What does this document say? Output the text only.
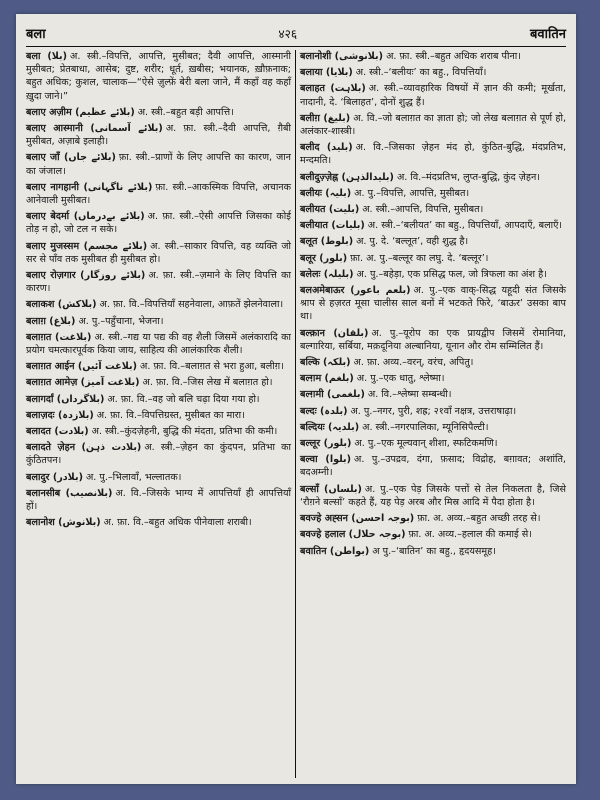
बला	४२६	बवातिन

बला (بلا) अ. स्त्री.–विपत्ति, आपत्ति, मुसीबत; दैवी आपत्ति, आस्मानी मुसीबत; प्रेतबाधा, आसेब; दुष्ट, शरीर; धूर्त, ख़बीस; भयानक, ख़ौफ़नाक; बहुत अधिक; कुशल, चालाक—“ऐसे ज़ुल्फ़ें बेरी बला जाने, मैं कहाँ वह कहाँ ख़ुदा जाने।”

बलाए अज़ीम (بلائے عظیم) अ. स्त्री.–बहुत बड़ी आपत्ति।

बलाए आस्मानी (بلائے آسمانی) अ. फ़ा. स्त्री.–दैवी आपत्ति, ग़ैबी मुसीबत, अज़ाबे इलाही।

बलाए जाँ (بلائے جاں) फ़ा. स्त्री.–प्राणों के लिए आपत्ति का कारण, जान का जंजाल।

बलाए नागहानी (بلائے ناگہانی) फ़ा. स्त्री.–आकस्मिक विपत्ति, अचानक आनेवाली मुसीबत।

बलाए बेदर्मा (بلائے بےدرماں) अ. फ़ा. स्त्री.–ऐसी आपत्ति जिसका कोई तोड़ न हो, जो टल न सके।

बलाए मुजस्सम (بلائے مجسم) अ. स्त्री.–साकार विपत्ति, वह व्यक्ति जो सर से पाँव तक मुसीबत ही मुसीबत हो।

बलाए रोज़गार (بلائے روزگار) अ. फ़ा. स्त्री.–ज़माने के लिए विपत्ति का कारण।

बलाकश (بلاکش) अ. फ़ा. वि.–विपत्तियाँ सहनेवाला, आफ़तें झेलनेवाला।

बलाग़ (بلاغ) अ. पु.–पहुँचाना, भेजना।

बलाग़त (بلاغت) अ. स्त्री.–गद्य या पद्य की वह शैली जिसमें अलंकारादि का प्रयोग चमत्कारपूर्वक किया जाय, साहित्य की आलंकारिक शैली।

बलाग़त आईन (بلاغت آئیں) अ. फ़ा. वि.–बलाग़त से भरा हुआ, बलीग़।

बलाग़त आमेज़ (بلاغت آمیز) अ. फ़ा. वि.–जिस लेख में बलाग़त हो।

बलागर्दां (بلاگرداں) अ. फ़ा. वि.–वह जो बलि चढ़ा दिया गया हो।

बलाज़दः (بلازدہ) अ. फ़ा. वि.–विपत्तिग्रस्त, मुसीबत का मारा।

बलादत (بلادت) अ. स्त्री.–कुंदज़ेहनी, बुद्धि की मंदता, प्रतिभा की कमी।

बलादते ज़ेहन (بلادت ذہن) अ. स्त्री.–ज़ेहन का कुंदपन, प्रतिभा का कुंठितपन।

बलादुर (بلادر) अ. पु.–भिलावाँ, भल्लातक।

बलानसीब (بلانصیب) अ. वि.–जिसके भाग्य में आपत्तियाँ ही आपत्तियाँ हों।

बलानोश (بلانوش) अ. फ़ा. वि.–बहुत अधिक पीनेवाला शराबी।

बलानोशी (بلانوشی) अ. फ़ा. स्त्री.–बहुत अधिक शराब पीना।

बलाया (بلایا) अ. स्त्री.–‘बलीयः’ का बहु., विपत्तियाँ।

बलाहत (بلاہت) अ. स्त्री.–व्यावहारिक विषयों में ज्ञान की कमी; मूर्खता, नादानी, दे. ‘बिलाहत’, दोनों शुद्ध हैं।

बलीग़ (بلیغ) अ. वि.–जो बलाग़त का ज्ञाता हो; जो लेख बलाग़त से पूर्ण हो, अलंकार-शास्त्री।

बलीद (بلید) अ. वि.–जिसका ज़ेहन मंद हो, कुंठित-बुद्धि, मंदप्रतिभ, मन्दमति।

बलीदुज़्ज़ेह्न (بلیدالذہن) अ. वि.–मंदप्रतिभ, लुप्त-बुद्धि, कुंद ज़ेहन।

बलीयः (بلیہ) अ. पु.–विपत्ति, आपत्ति, मुसीबत।

बलीयत (بلیت) अ. स्त्री.–आपत्ति, विपत्ति, मुसीबत।

बलीयात (بلیات) अ. स्त्री.–‘बलीयत’ का बहु., विपत्तियाँ, आपदाएँ, बलाएँ।

बलूत (بلوط) अ. पु. दे. ‘बल्लूत’, वही शुद्ध है।

बलूर (بلور) फ़ा. अ. पु.–बल्लूर का लघु. दे. ‘बल्लूर’।

बलेलः (بلیلہ) अ. पु.–बहेड़ा, एक प्रसिद्ध फल, जो त्रिफला का अंश है।

बलअमेबाऊर (بلعم باعور) अ. पु.–एक वाक्-सिद्ध यहूदी संत जिसके श्राप से हज़रत मूसा चालीस साल बनों में भटकते फिरे, ‘बाऊर’ उसका बाप था।

बल्क़ान (بلقان) अ. पु.–यूरोप का एक प्रायद्वीप जिसमें रोमानिया, बल्गारिया, सर्बिया, मक़दूनिया अल्बानिया, यूनान और रोम सम्मिलित हैं।

बल्कि (بلکہ) अ. फ़ा. अव्य.–वरन्, वरंच, अपितु।

बल्ग़म (بلغم) अ. पु.–एक धातु, श्लेष्मा।

बल्ग़मी (بلغمی) अ. वि.–श्लेष्मा सम्बन्धी।

बल्दः (بلدہ) अ. पु.–नगर, पुरी, शह्र; २१वाँ नक्षत्र, उत्तराषाढ़ा।

बल्दियः (بلدیہ) अ. स्त्री.–नगरपालिका, म्यूनिसिपैल्टी।

बल्लूर (بلور) अ. पु.–एक मूल्यवान् शीशा, स्फटिकमणि।

बल्वा (بلوا) अ. पु.–उपद्रव, दंगा, फ़साद; विद्रोह, बग़ावत; अशांति, बदअम्नी।

बल्साँ (بلساں) अ. पु.–एक पेड़ जिसके पत्तों से तेल निकलता है, जिसे ‘रौग़ने बल्साँ’ कहते हैं, यह पेड़ अरब और मिस्र आदि में पैदा होता है।

बवज्हे अह्सन (بوجہ احسن) फ़ा. अ. अव्य.–बहुत अच्छी तरह से।

बवज्हे हलाल (بوجہ حلال) फ़ा. अ. अव्य.–हलाल की कमाई से।

बवातिन (بواطن) अ पु.–‘बातिन’ का बहु., हृदयसमूह।
